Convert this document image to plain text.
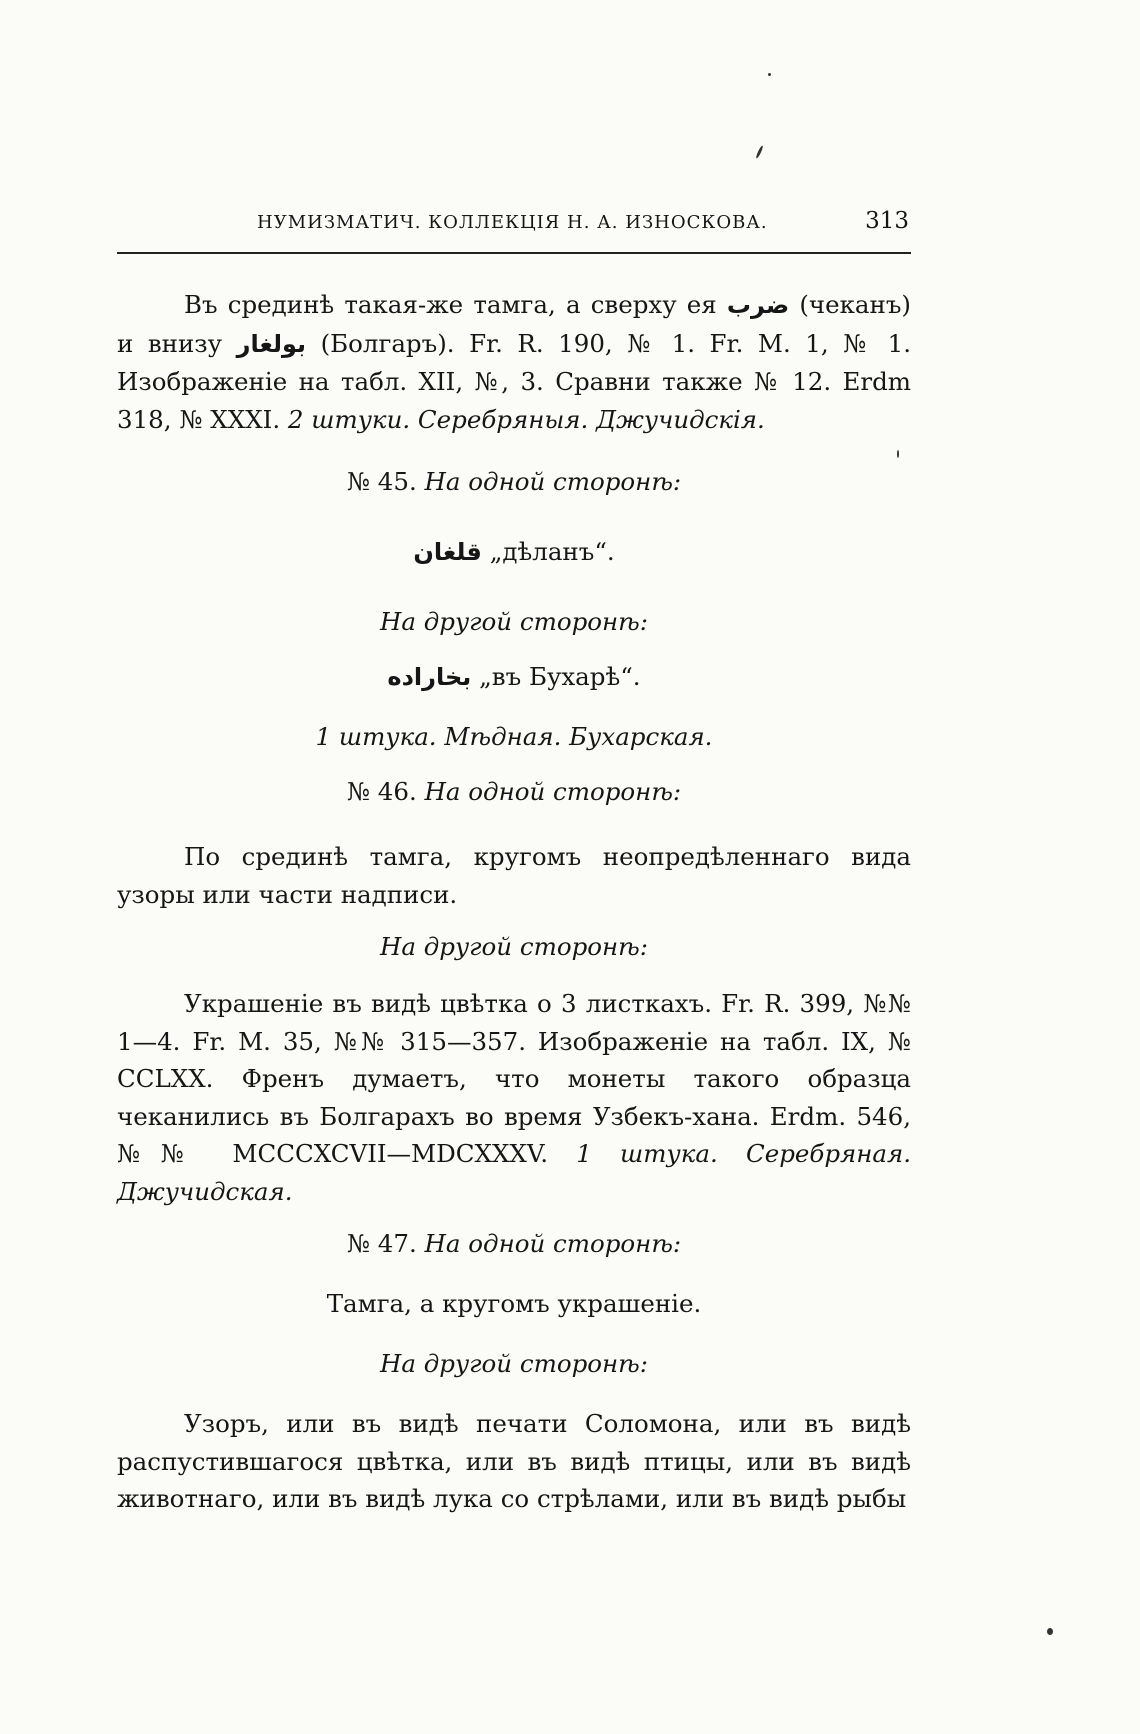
НУМИЗМАТИЧ. КОЛЛЕКЦІЯ Н. А. ИЗНОСКОВА.	313
Въ срединѣ такая-же тамга, а сверху ея ضرب (чеканъ) и внизу بولغار (Болгаръ). Fr. R. 190, № 1. Fr. M. 1, № 1. Изображеніе на табл. XII, №, 3. Сравни также № 12. Erdm 318, № XXXI. 2 штуки. Серебряныя. Джучидскія.
№ 45. На одной сторонѣ:
قلغان „дѣланъ“.
На другой сторонѣ:
بخاراده „въ Бухарѣ“.
1 штука. Мѣдная. Бухарская.
№ 46. На одной сторонѣ:
По срединѣ тамга, кругомъ неопредѣленнаго вида узоры или части надписи.
На другой сторонѣ:
Украшеніе въ видѣ цвѣтка о 3 листкахъ. Fr. R. 399, №№ 1—4. Fr. M. 35, №№ 315—357. Изображеніе на табл. IX, № CCLXX. Френъ думаетъ, что монеты такого образца чеканились въ Болгарахъ во время Узбекъ-хана. Erdm. 546, №№ MCCCXCVII—MDCXXXV. 1 штука. Серебряная. Джучидская.
№ 47. На одной сторонѣ:
Тамга, а кругомъ украшеніе.
На другой сторонѣ:
Узоръ, или въ видѣ печати Соломона, или въ видѣ распустившагося цвѣтка, или въ видѣ птицы, или въ видѣ животнаго, или въ видѣ лука со стрѣлами, или въ видѣ рыбы
